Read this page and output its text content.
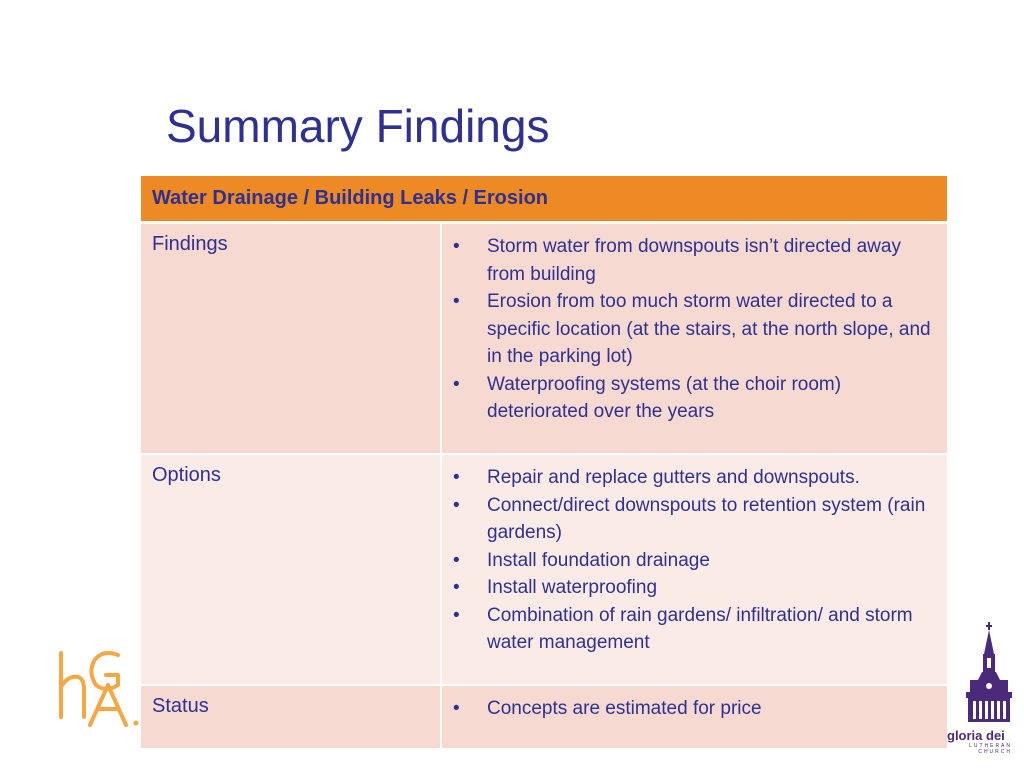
Summary Findings
Water Drainage / Building Leaks / Erosion
Findings	• Storm water from downspouts isn’t directed away from building
• Erosion from too much storm water directed to a specific location (at the stairs, at the north slope, and in the parking lot)
• Waterproofing systems (at the choir room) deteriorated over the years
Options	• Repair and replace gutters and downspouts.
• Connect/direct downspouts to retention system (rain gardens)
• Install foundation drainage
• Install waterproofing
• Combination of rain gardens/ infiltration/ and storm water management
Status	• Concepts are estimated for price
gloria dei
LUTHERAN
CHURCH
